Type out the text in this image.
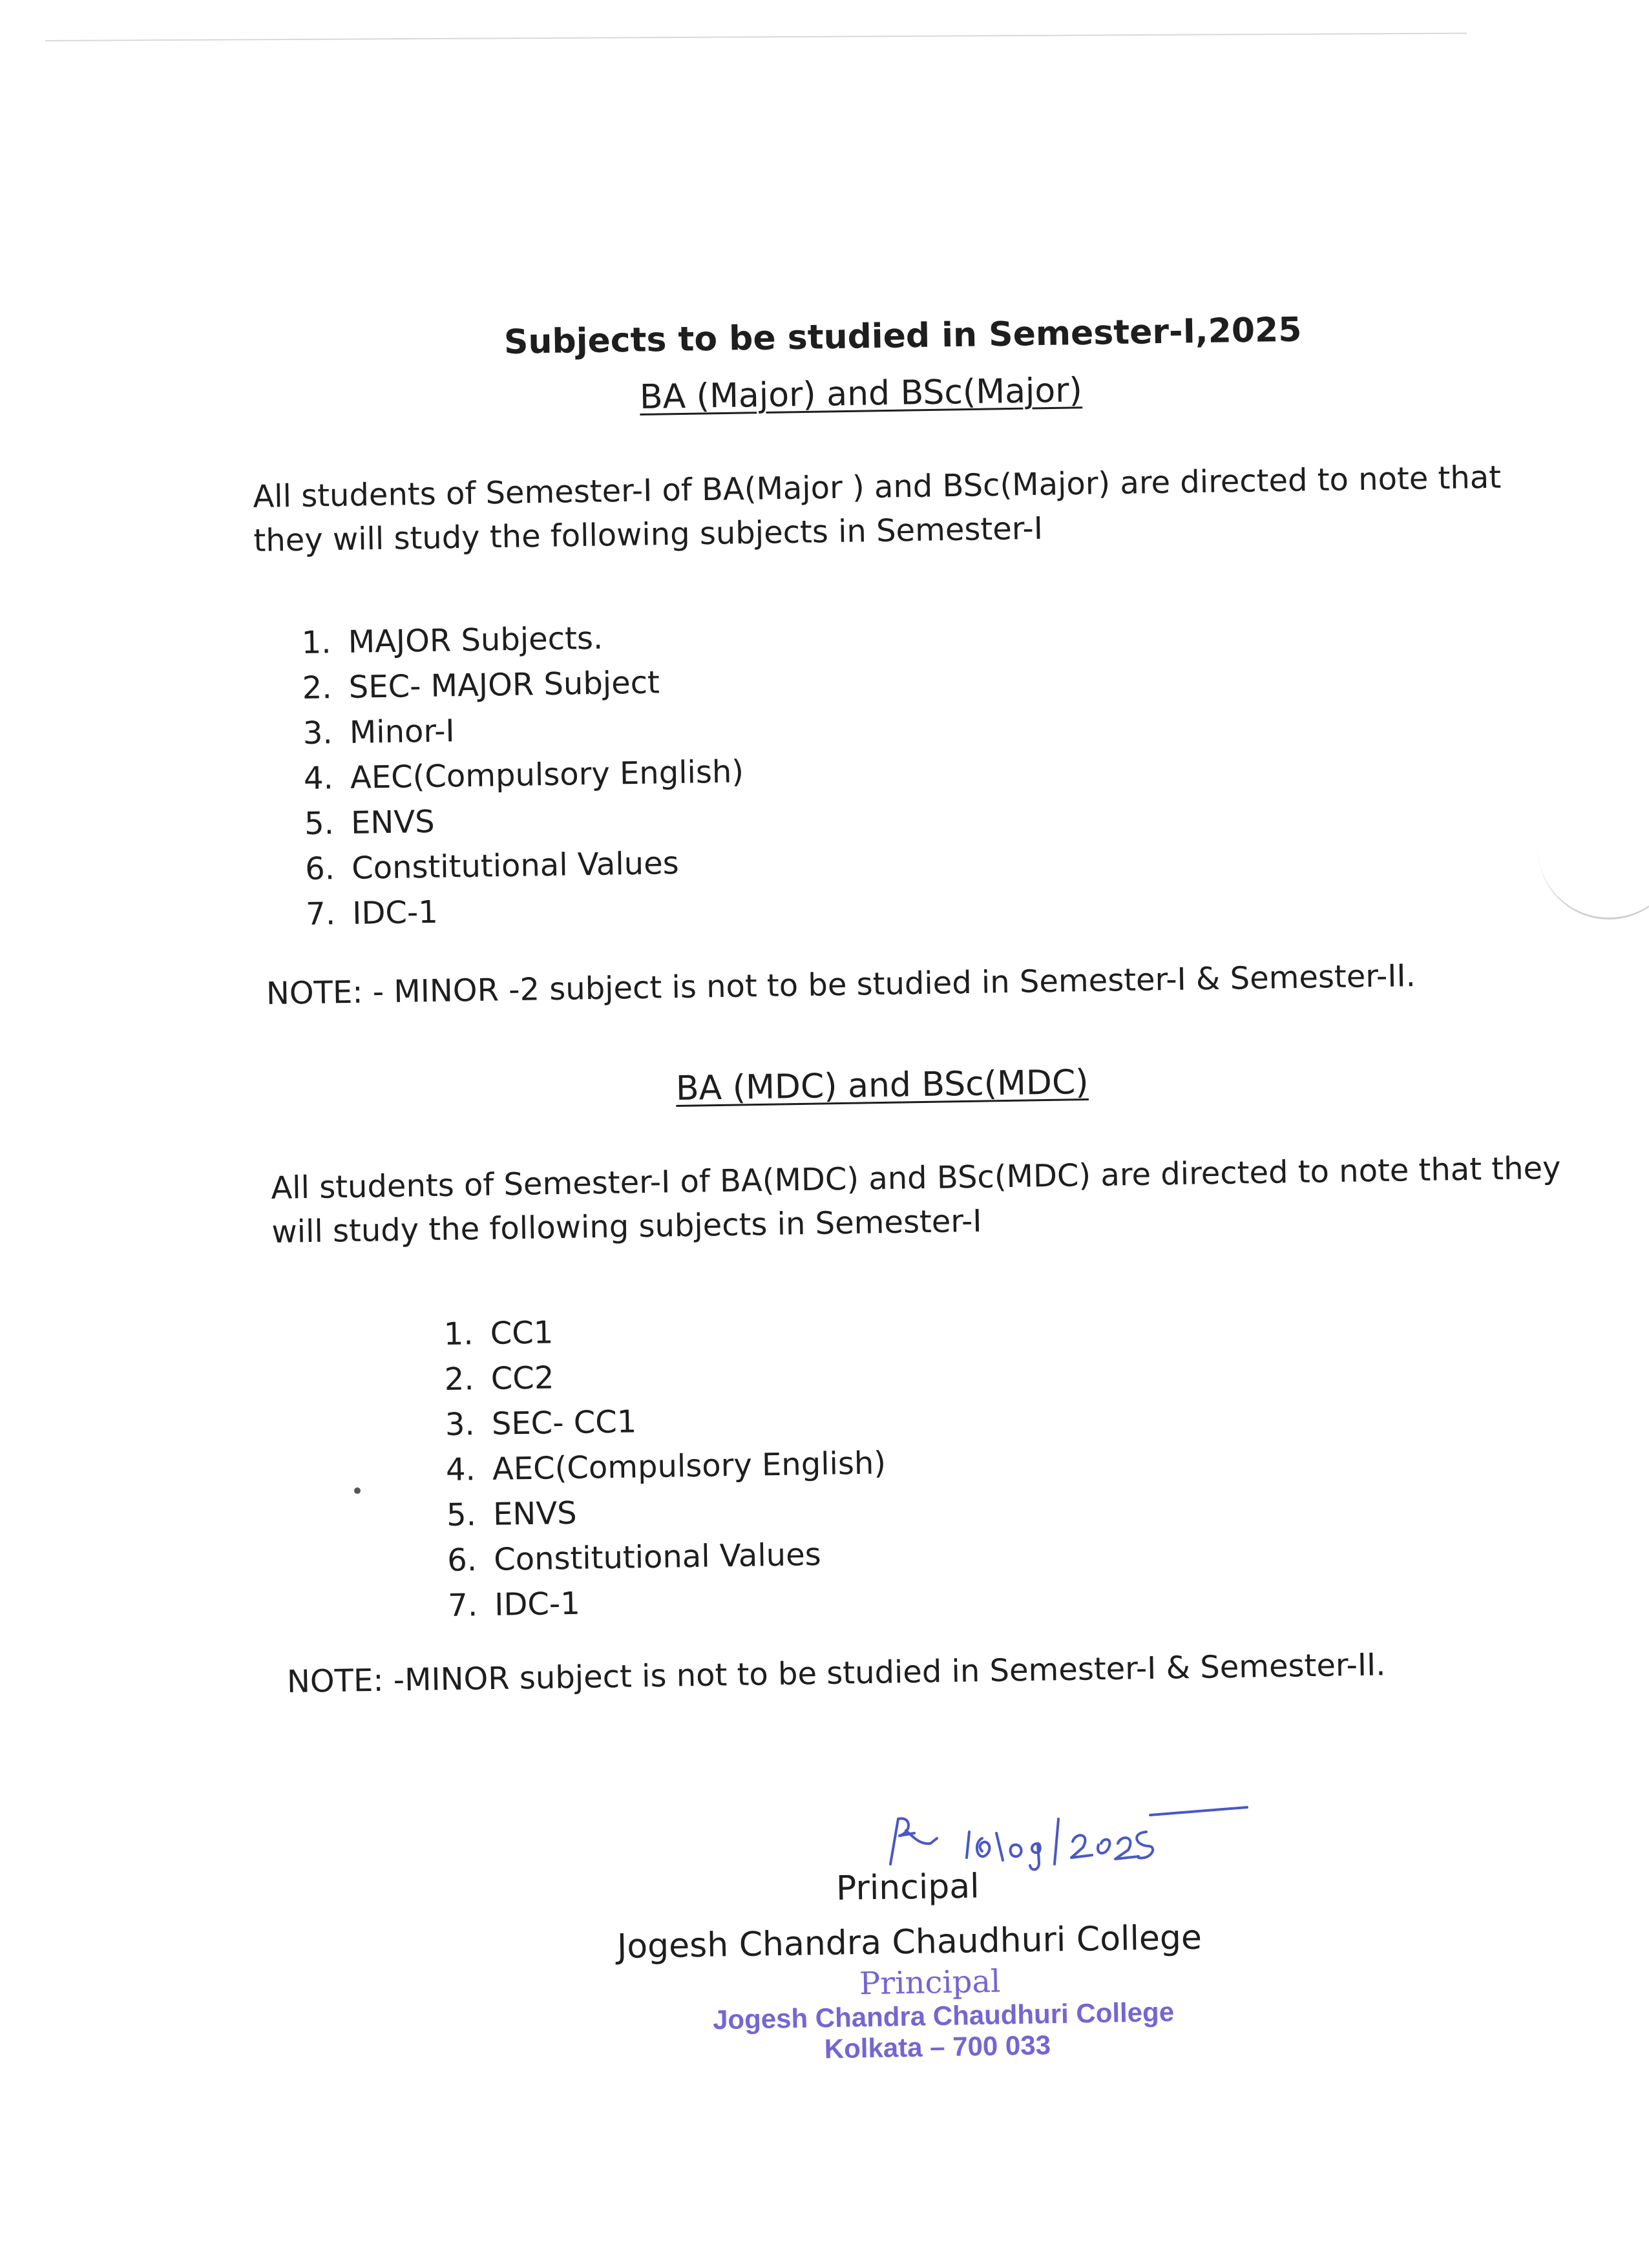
Subjects to be studied in Semester-I,2025
BA (Major) and BSc(Major)
All students of Semester-I of BA(Major ) and BSc(Major) are directed to note that they will study the following subjects in Semester-I
1. MAJOR Subjects.
2. SEC- MAJOR Subject
3. Minor-I
4. AEC(Compulsory English)
5. ENVS
6. Constitutional Values
7. IDC-1
NOTE: - MINOR -2 subject is not to be studied in Semester-I & Semester-II.
BA (MDC) and BSc(MDC)
All students of Semester-I of BA(MDC) and BSc(MDC) are directed to note that they will study the following subjects in Semester-I
1. CC1
2. CC2
3. SEC- CC1
4. AEC(Compulsory English)
5. ENVS
6. Constitutional Values
7. IDC-1
NOTE: -MINOR subject is not to be studied in Semester-I & Semester-II.
Principal
Jogesh Chandra Chaudhuri College
Principal
Jogesh Chandra Chaudhuri College
Kolkata – 700 033
